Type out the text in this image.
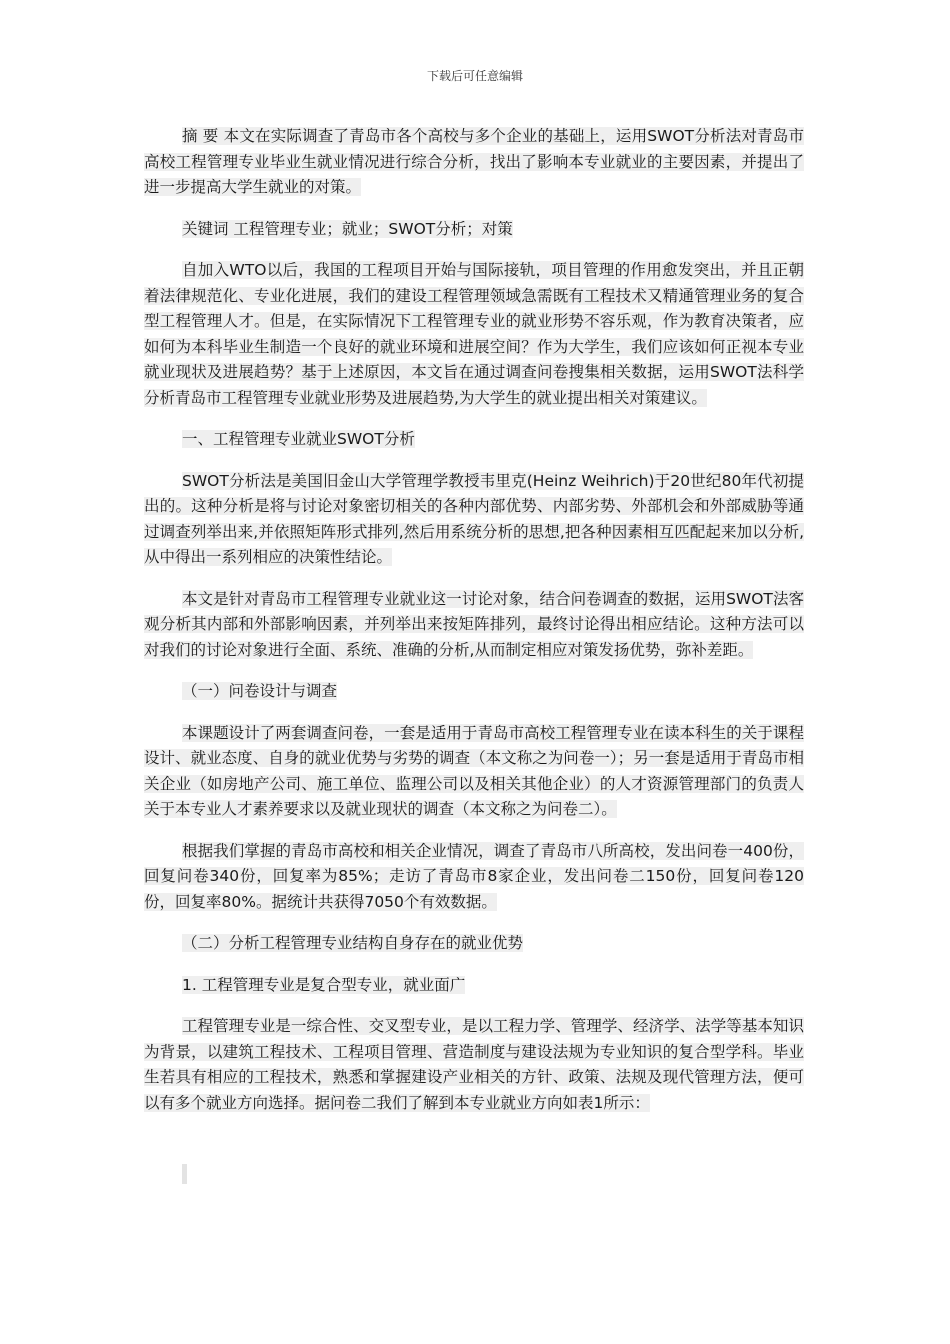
下载后可任意编辑

摘 要 本文在实际调查了青岛市各个高校与多个企业的基础上，运用SWOT分析法对青岛市高校工程管理专业毕业生就业情况进行综合分析，找出了影响本专业就业的主要因素，并提出了进一步提高大学生就业的对策。

关键词 工程管理专业；就业；SWOT分析；对策

自加入WTO以后，我国的工程项目开始与国际接轨，项目管理的作用愈发突出，并且正朝着法律规范化、专业化进展，我们的建设工程管理领域急需既有工程技术又精通管理业务的复合型工程管理人才。但是，在实际情况下工程管理专业的就业形势不容乐观，作为教育决策者，应如何为本科毕业生制造一个良好的就业环境和进展空间？作为大学生，我们应该如何正视本专业就业现状及进展趋势？基于上述原因，本文旨在通过调查问卷搜集相关数据，运用SWOT法科学分析青岛市工程管理专业就业形势及进展趋势,为大学生的就业提出相关对策建议。

一、工程管理专业就业SWOT分析

SWOT分析法是美国旧金山大学管理学教授韦里克(Heinz Weihrich)于20世纪80年代初提出的。这种分析是将与讨论对象密切相关的各种内部优势、内部劣势、外部机会和外部威胁等通过调查列举出来,并依照矩阵形式排列,然后用系统分析的思想,把各种因素相互匹配起来加以分析,从中得出一系列相应的决策性结论。

本文是针对青岛市工程管理专业就业这一讨论对象，结合问卷调查的数据，运用SWOT法客观分析其内部和外部影响因素，并列举出来按矩阵排列，最终讨论得出相应结论。这种方法可以对我们的讨论对象进行全面、系统、准确的分析,从而制定相应对策发扬优势，弥补差距。

（一）问卷设计与调查

本课题设计了两套调查问卷，一套是适用于青岛市高校工程管理专业在读本科生的关于课程设计、就业态度、自身的就业优势与劣势的调查（本文称之为问卷一）；另一套是适用于青岛市相关企业（如房地产公司、施工单位、监理公司以及相关其他企业）的人才资源管理部门的负责人关于本专业人才素养要求以及就业现状的调查（本文称之为问卷二）。

根据我们掌握的青岛市高校和相关企业情况，调查了青岛市八所高校，发出问卷一400份，回复问卷340份，回复率为85%；走访了青岛市8家企业，发出问卷二150份，回复问卷120份，回复率80%。据统计共获得7050个有效数据。

（二）分析工程管理专业结构自身存在的就业优势

1. 工程管理专业是复合型专业，就业面广

工程管理专业是一综合性、交叉型专业，是以工程力学、管理学、经济学、法学等基本知识为背景，以建筑工程技术、工程项目管理、营造制度与建设法规为专业知识的复合型学科。毕业生若具有相应的工程技术，熟悉和掌握建设产业相关的方针、政策、法规及现代管理方法，便可以有多个就业方向选择。据问卷二我们了解到本专业就业方向如表1所示：
